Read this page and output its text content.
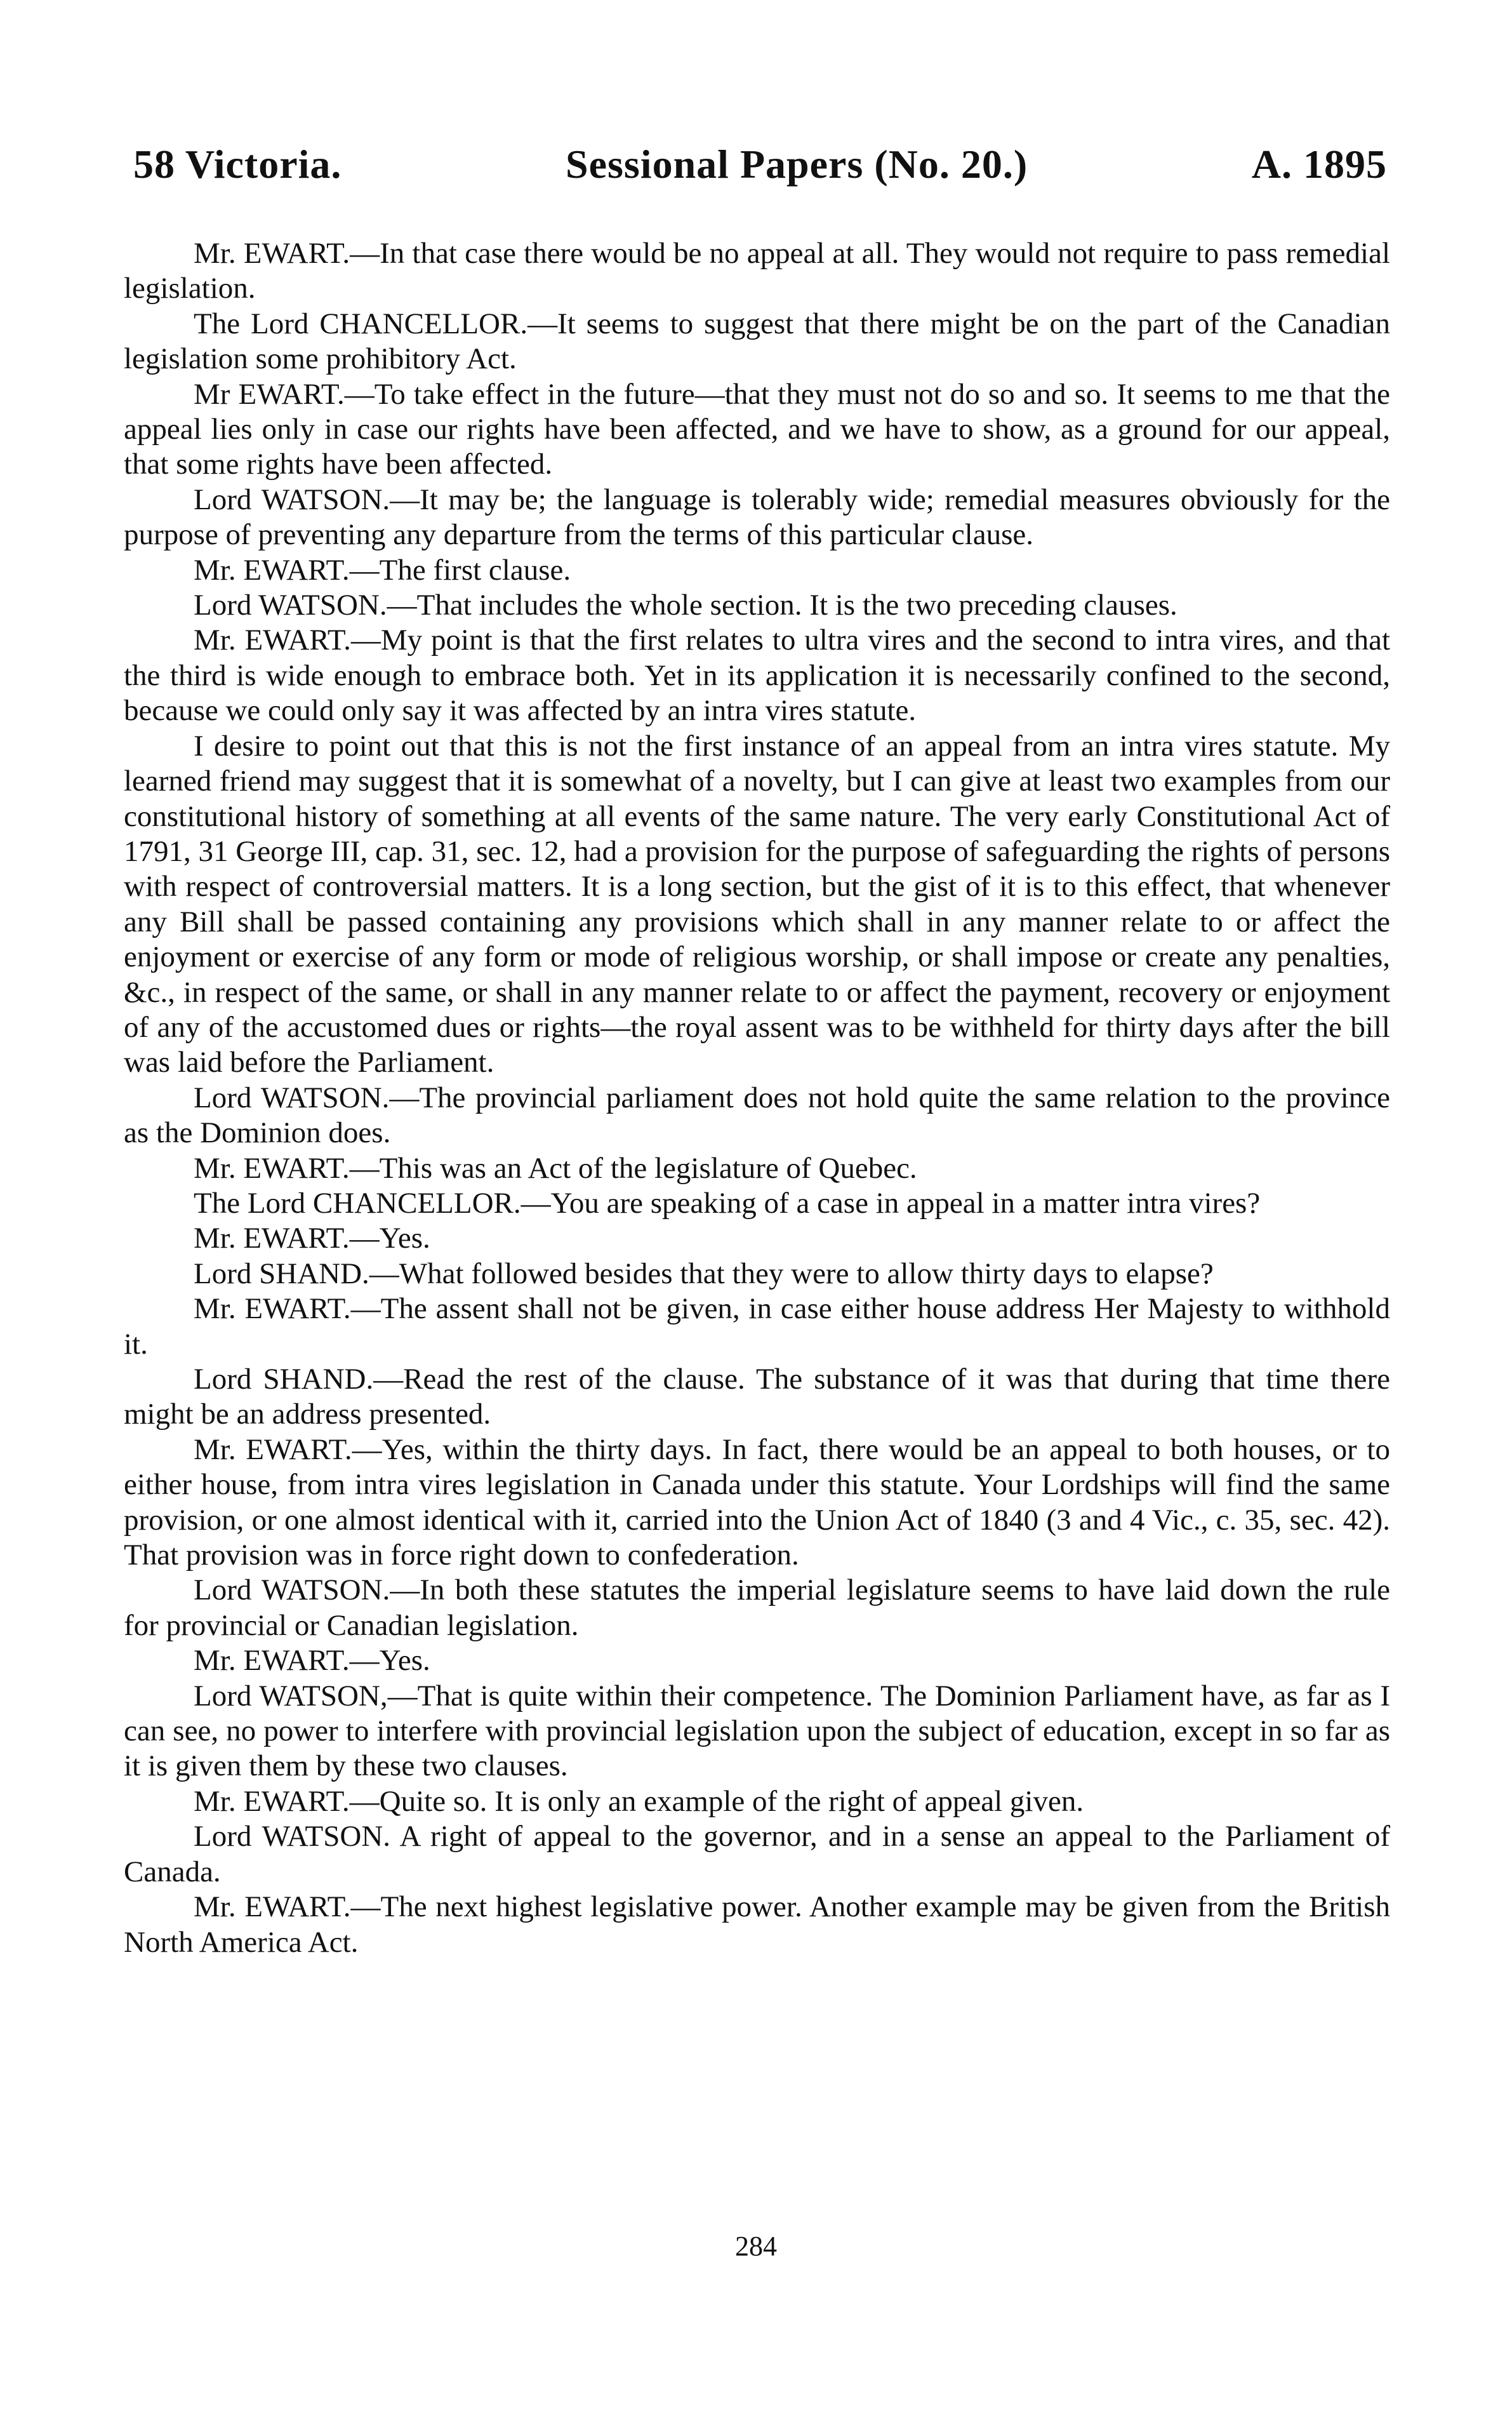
58 Victoria.	Sessional Papers (No. 20.)	A. 1895

Mr. EWART.—In that case there would be no appeal at all. They would not require to pass remedial legislation.

The Lord CHANCELLOR.—It seems to suggest that there might be on the part of the Canadian legislation some prohibitory Act.

Mr EWART.—To take effect in the future—that they must not do so and so. It seems to me that the appeal lies only in case our rights have been affected, and we have to show, as a ground for our appeal, that some rights have been affected.

Lord WATSON.—It may be; the language is tolerably wide; remedial measures obviously for the purpose of preventing any departure from the terms of this particular clause.

Mr. EWART.—The first clause.

Lord WATSON.—That includes the whole section. It is the two preceding clauses.

Mr. EWART.—My point is that the first relates to ultra vires and the second to intra vires, and that the third is wide enough to embrace both. Yet in its application it is necessarily confined to the second, because we could only say it was affected by an intra vires statute.

I desire to point out that this is not the first instance of an appeal from an intra vires statute. My learned friend may suggest that it is somewhat of a novelty, but I can give at least two examples from our constitutional history of something at all events of the same nature. The very early Constitutional Act of 1791, 31 George III, cap. 31, sec. 12, had a provision for the purpose of safeguarding the rights of persons with respect of controversial matters. It is a long section, but the gist of it is to this effect, that whenever any Bill shall be passed containing any provisions which shall in any manner relate to or affect the enjoyment or exercise of any form or mode of religious worship, or shall impose or create any penalties, &c., in respect of the same, or shall in any manner relate to or affect the payment, recovery or enjoyment of any of the accustomed dues or rights—the royal assent was to be withheld for thirty days after the bill was laid before the Parliament.

Lord WATSON.—The provincial parliament does not hold quite the same relation to the province as the Dominion does.

Mr. EWART.—This was an Act of the legislature of Quebec.

The Lord CHANCELLOR.—You are speaking of a case in appeal in a matter intra vires?

Mr. EWART.—Yes.

Lord SHAND.—What followed besides that they were to allow thirty days to elapse?

Mr. EWART.—The assent shall not be given, in case either house address Her Majesty to withhold it.

Lord SHAND.—Read the rest of the clause. The substance of it was that during that time there might be an address presented.

Mr. EWART.—Yes, within the thirty days. In fact, there would be an appeal to both houses, or to either house, from intra vires legislation in Canada under this statute. Your Lordships will find the same provision, or one almost identical with it, carried into the Union Act of 1840 (3 and 4 Vic., c. 35, sec. 42). That provision was in force right down to confederation.

Lord WATSON.—In both these statutes the imperial legislature seems to have laid down the rule for provincial or Canadian legislation.

Mr. EWART.—Yes.

Lord WATSON,—That is quite within their competence. The Dominion Parliament have, as far as I can see, no power to interfere with provincial legislation upon the subject of education, except in so far as it is given them by these two clauses.

Mr. EWART.—Quite so. It is only an example of the right of appeal given.

Lord WATSON. A right of appeal to the governor, and in a sense an appeal to the Parliament of Canada.

Mr. EWART.—The next highest legislative power. Another example may be given from the British North America Act.

284
